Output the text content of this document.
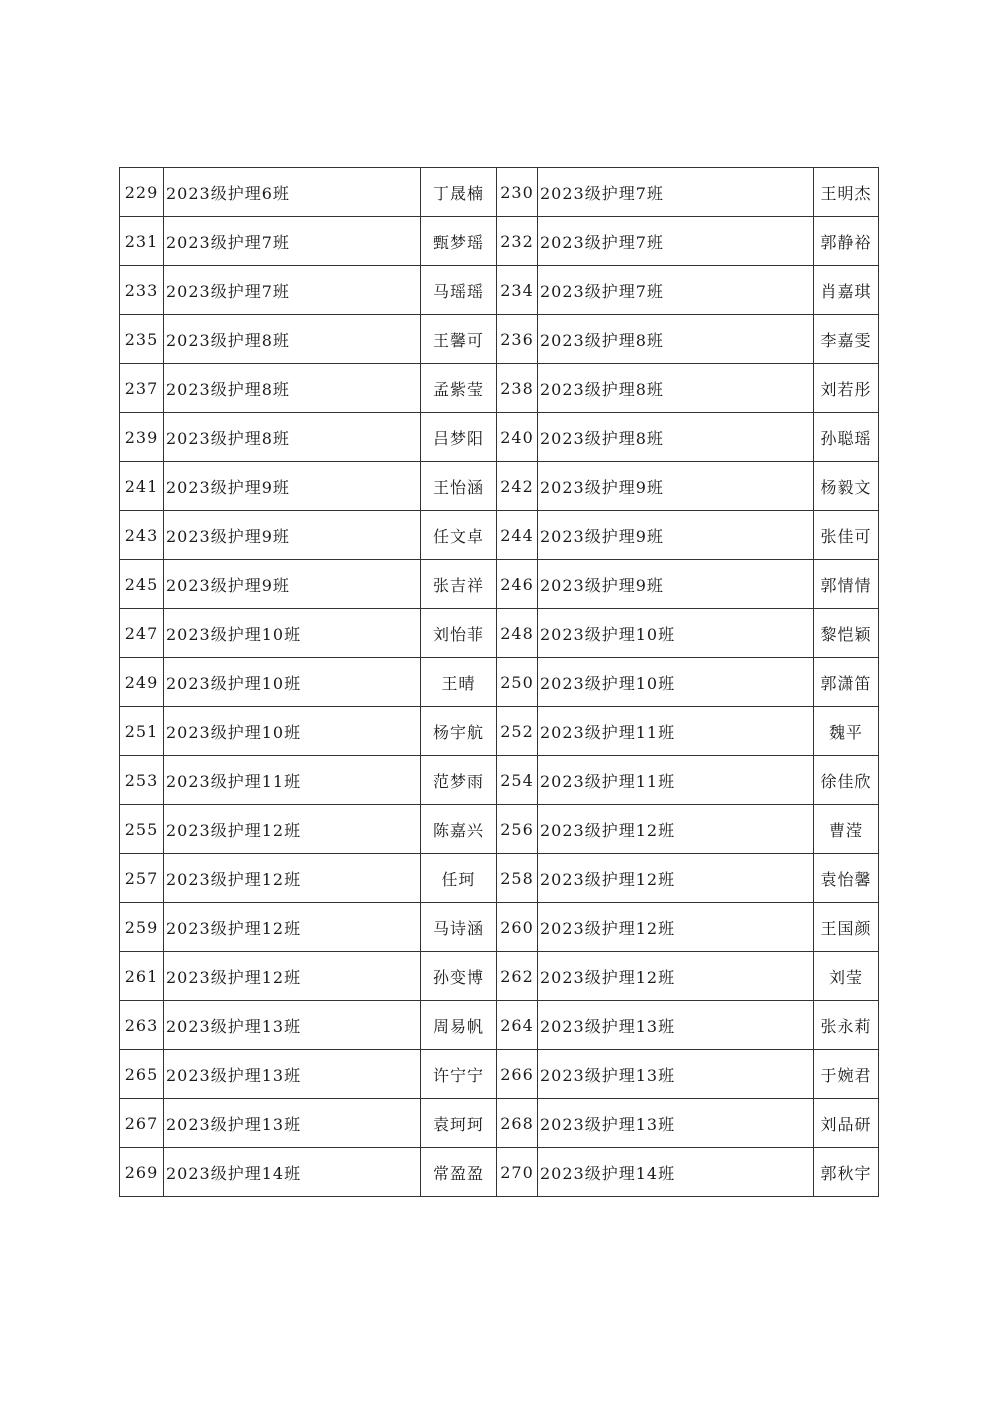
229	2023级护理6班	丁晟楠	230	2023级护理7班	王明杰
231	2023级护理7班	甄梦瑶	232	2023级护理7班	郭静裕
233	2023级护理7班	马瑶瑶	234	2023级护理7班	肖嘉琪
235	2023级护理8班	王馨可	236	2023级护理8班	李嘉雯
237	2023级护理8班	孟紫莹	238	2023级护理8班	刘若彤
239	2023级护理8班	吕梦阳	240	2023级护理8班	孙聪瑶
241	2023级护理9班	王怡涵	242	2023级护理9班	杨毅文
243	2023级护理9班	任文卓	244	2023级护理9班	张佳可
245	2023级护理9班	张吉祥	246	2023级护理9班	郭情情
247	2023级护理10班	刘怡菲	248	2023级护理10班	黎恺颖
249	2023级护理10班	王晴	250	2023级护理10班	郭潇笛
251	2023级护理10班	杨宇航	252	2023级护理11班	魏平
253	2023级护理11班	范梦雨	254	2023级护理11班	徐佳欣
255	2023级护理12班	陈嘉兴	256	2023级护理12班	曹滢
257	2023级护理12班	任珂	258	2023级护理12班	袁怡馨
259	2023级护理12班	马诗涵	260	2023级护理12班	王国颜
261	2023级护理12班	孙变博	262	2023级护理12班	刘莹
263	2023级护理13班	周易帆	264	2023级护理13班	张永莉
265	2023级护理13班	许宁宁	266	2023级护理13班	于婉君
267	2023级护理13班	袁珂珂	268	2023级护理13班	刘品研
269	2023级护理14班	常盈盈	270	2023级护理14班	郭秋宇
